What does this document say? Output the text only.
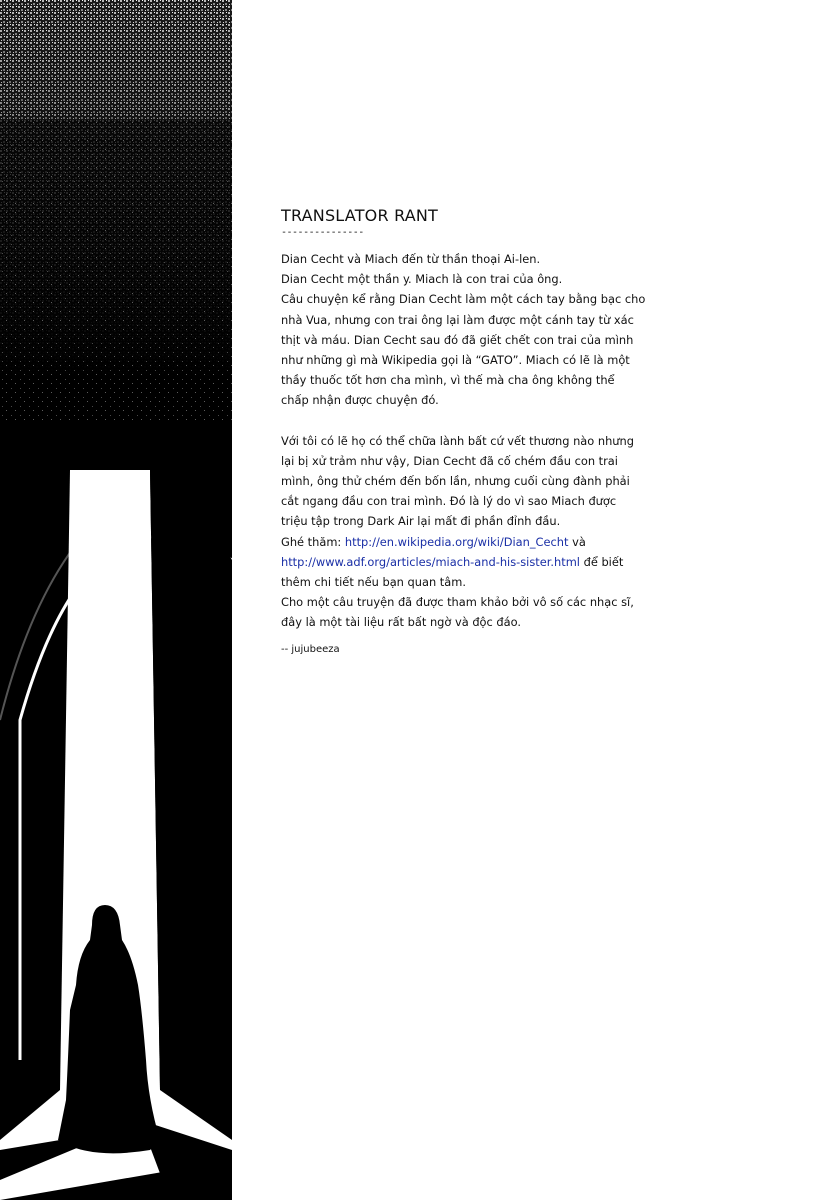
TRANSLATOR RANT
---------------
Dian Cecht và Miach đến từ thần thoại Ai-len.
Dian Cecht một thần y. Miach là con trai của ông.
Câu chuyện kể rằng Dian Cecht làm một cách tay bằng bạc cho
nhà Vua, nhưng con trai ông lại làm được một cánh tay từ xác
thịt và máu. Dian Cecht sau đó đã giết chết con trai của mình
như những gì mà Wikipedia gọi là “GATO”. Miach có lẽ là một
thầy thuốc tốt hơn cha mình, vì thế mà cha ông không thể
chấp nhận được chuyện đó.
Với tôi có lẽ họ có thể chữa lành bất cứ vết thương nào nhưng
lại bị xử trảm như vậy, Dian Cecht đã cố chém đầu con trai
mình, ông thử chém đến bốn lần, nhưng cuối cùng đành phải
cắt ngang đầu con trai mình. Đó là lý do vì sao Miach được
triệu tập trong Dark Air lại mất đi phần đỉnh đầu.
Ghé thăm: http://en.wikipedia.org/wiki/Dian_Cecht và
http://www.adf.org/articles/miach-and-his-sister.html để biết
thêm chi tiết nếu bạn quan tâm.
Cho một câu truyện đã được tham khảo bởi vô số các nhạc sĩ,
đây là một tài liệu rất bất ngờ và độc đáo.
-- jujubeeza
